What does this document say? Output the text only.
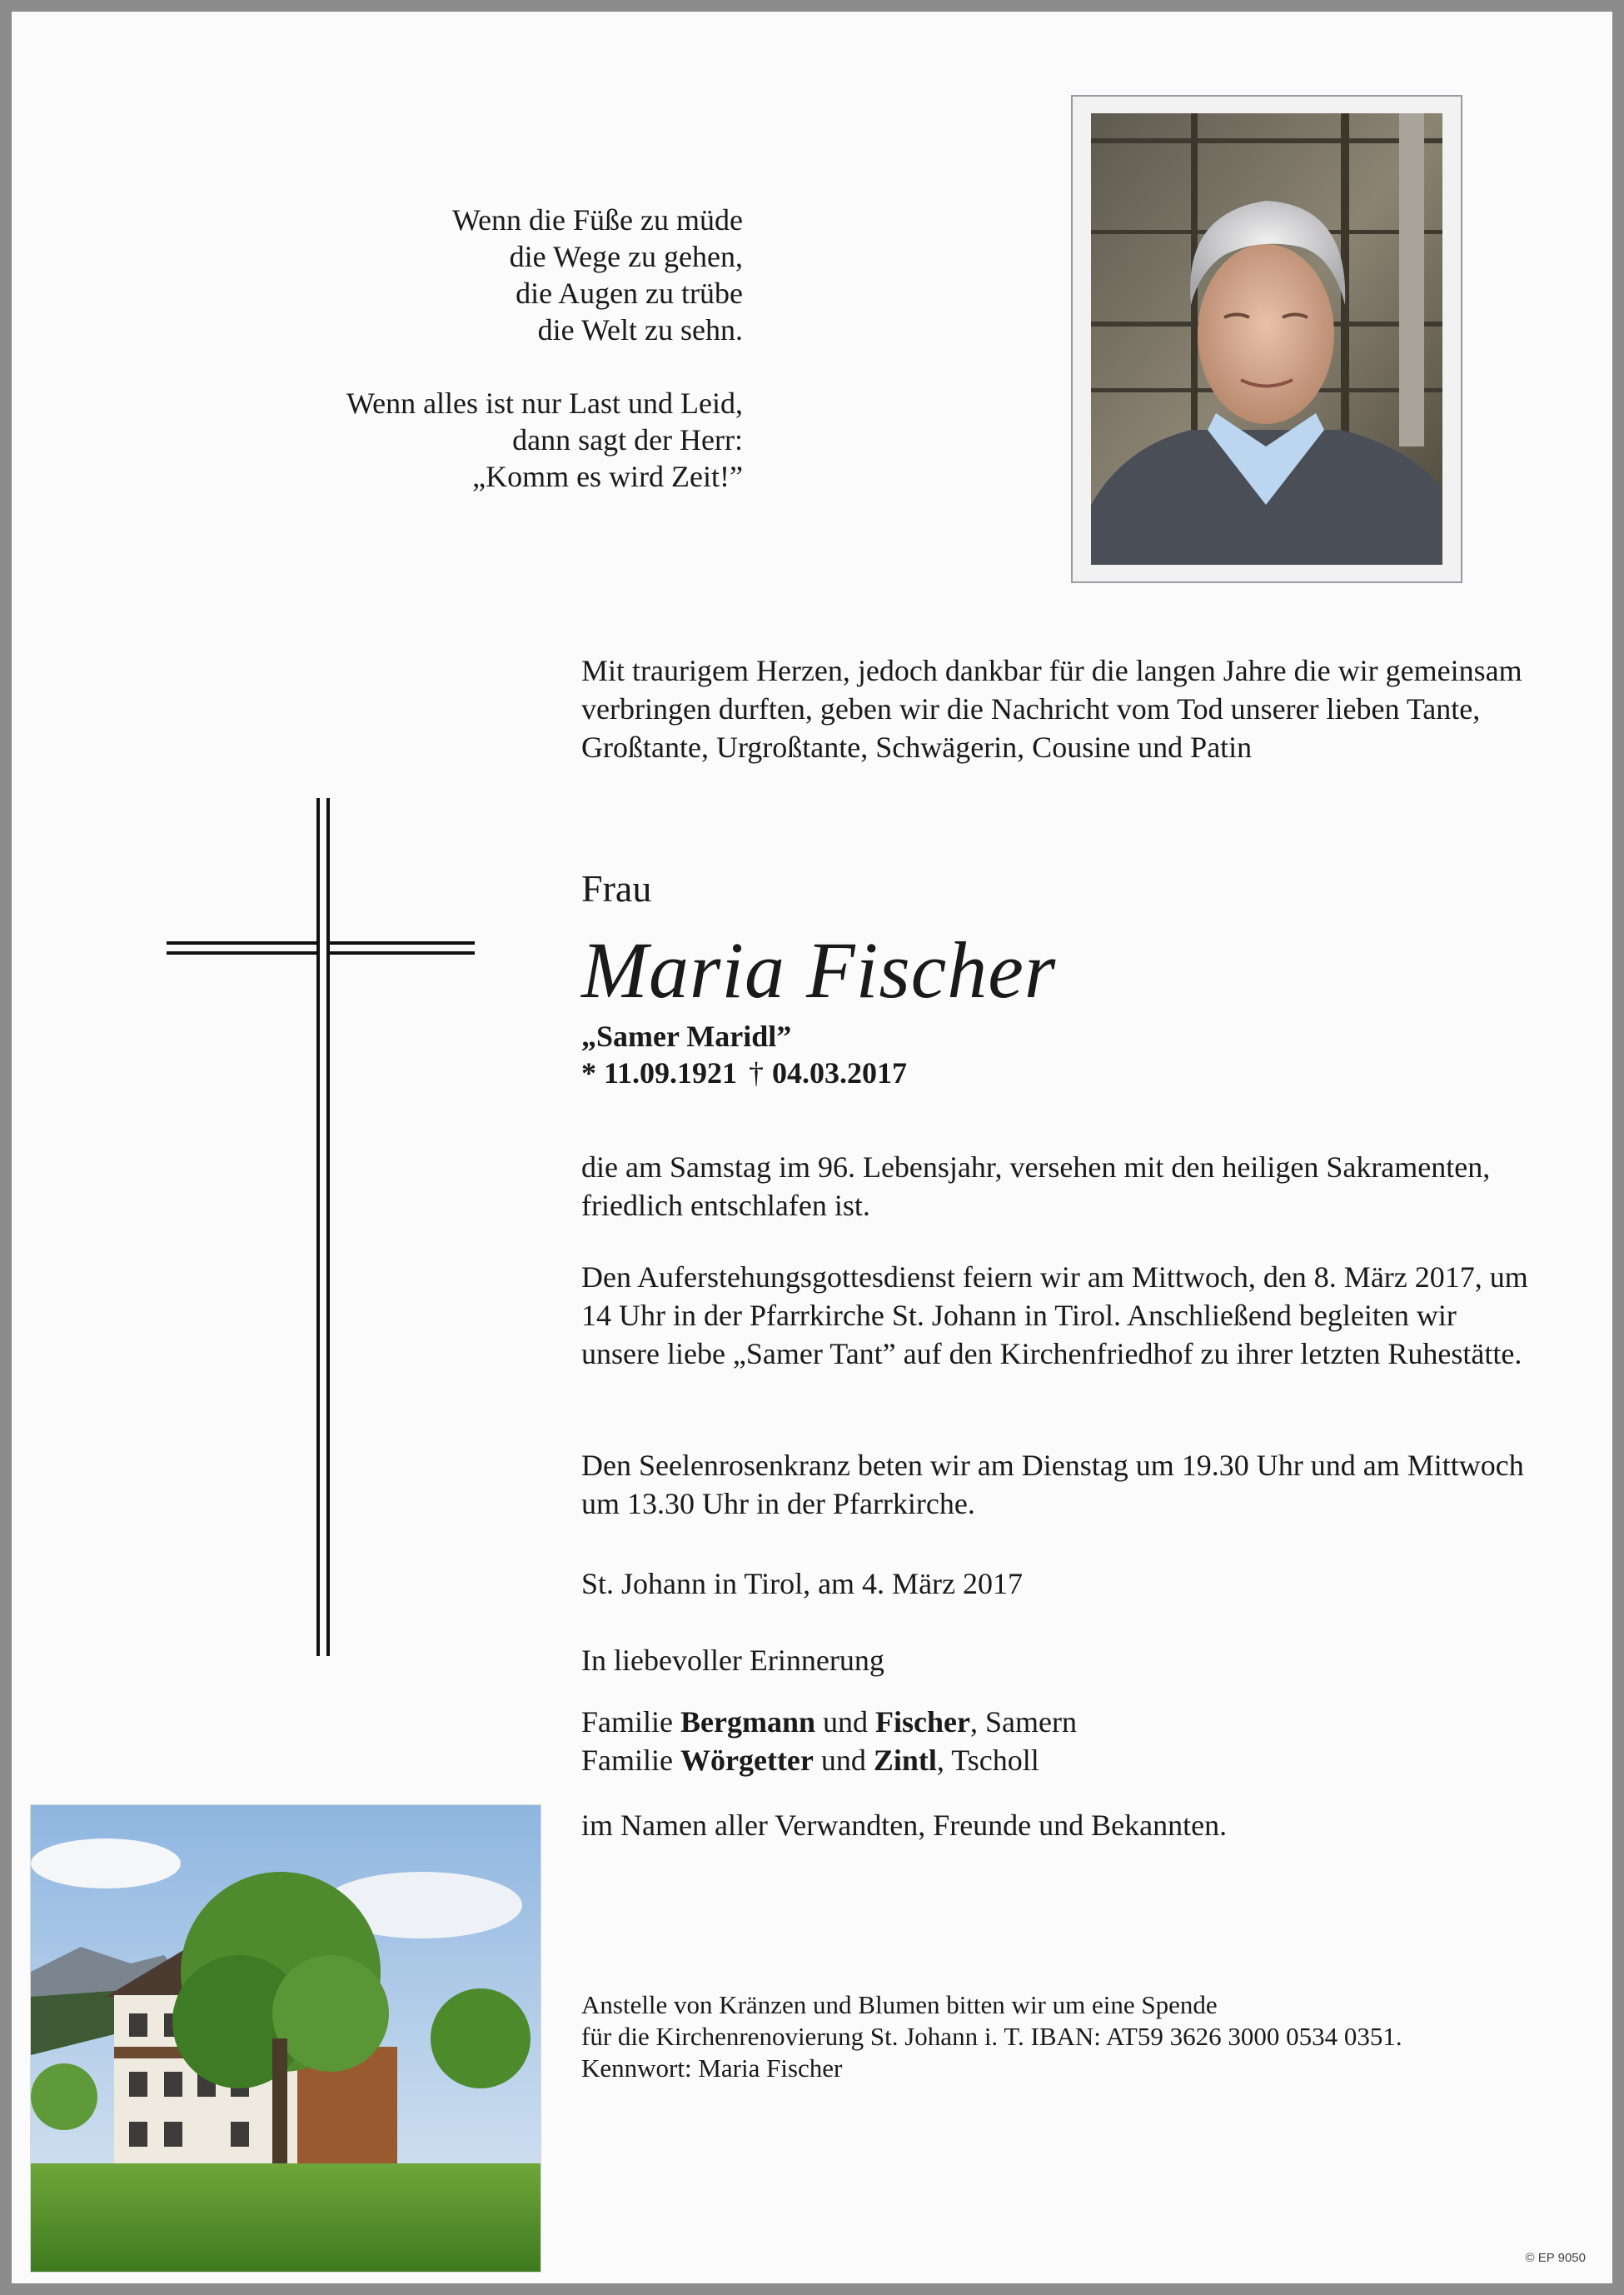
Wenn die Füße zu müde
die Wege zu gehen,
die Augen zu trübe
die Welt zu sehn.

Wenn alles ist nur Last und Leid,
dann sagt der Herr:
„Komm es wird Zeit!”

Mit traurigem Herzen, jedoch dankbar für die langen Jahre die wir gemeinsam verbringen durften, geben wir die Nachricht vom Tod unserer lieben Tante, Großtante, Urgroßtante, Schwägerin, Cousine und Patin
Frau
Maria Fischer
„Samer Maridl”
* 11.09.1921 † 04.03.2017
die am Samstag im 96. Lebensjahr, versehen mit den heiligen Sakramenten, friedlich entschlafen ist.
Den Auferstehungsgottesdienst feiern wir am Mittwoch, den 8. März 2017, um 14 Uhr in der Pfarrkirche St. Johann in Tirol. Anschließend begleiten wir unsere liebe „Samer Tant” auf den Kirchenfriedhof zu ihrer letzten Ruhestätte.
Den Seelenrosenkranz beten wir am Dienstag um 19.30 Uhr und am Mittwoch um 13.30 Uhr in der Pfarrkirche.
St. Johann in Tirol, am 4. März 2017
In liebevoller Erinnerung
Familie Bergmann und Fischer, Samern
Familie Wörgetter und Zintl, Tscholl
im Namen aller Verwandten, Freunde und Bekannten.
Anstelle von Kränzen und Blumen bitten wir um eine Spende
für die Kirchenrenovierung St. Johann i. T. IBAN: AT59 3626 3000 0534 0351.
Kennwort: Maria Fischer
© EP 9050
